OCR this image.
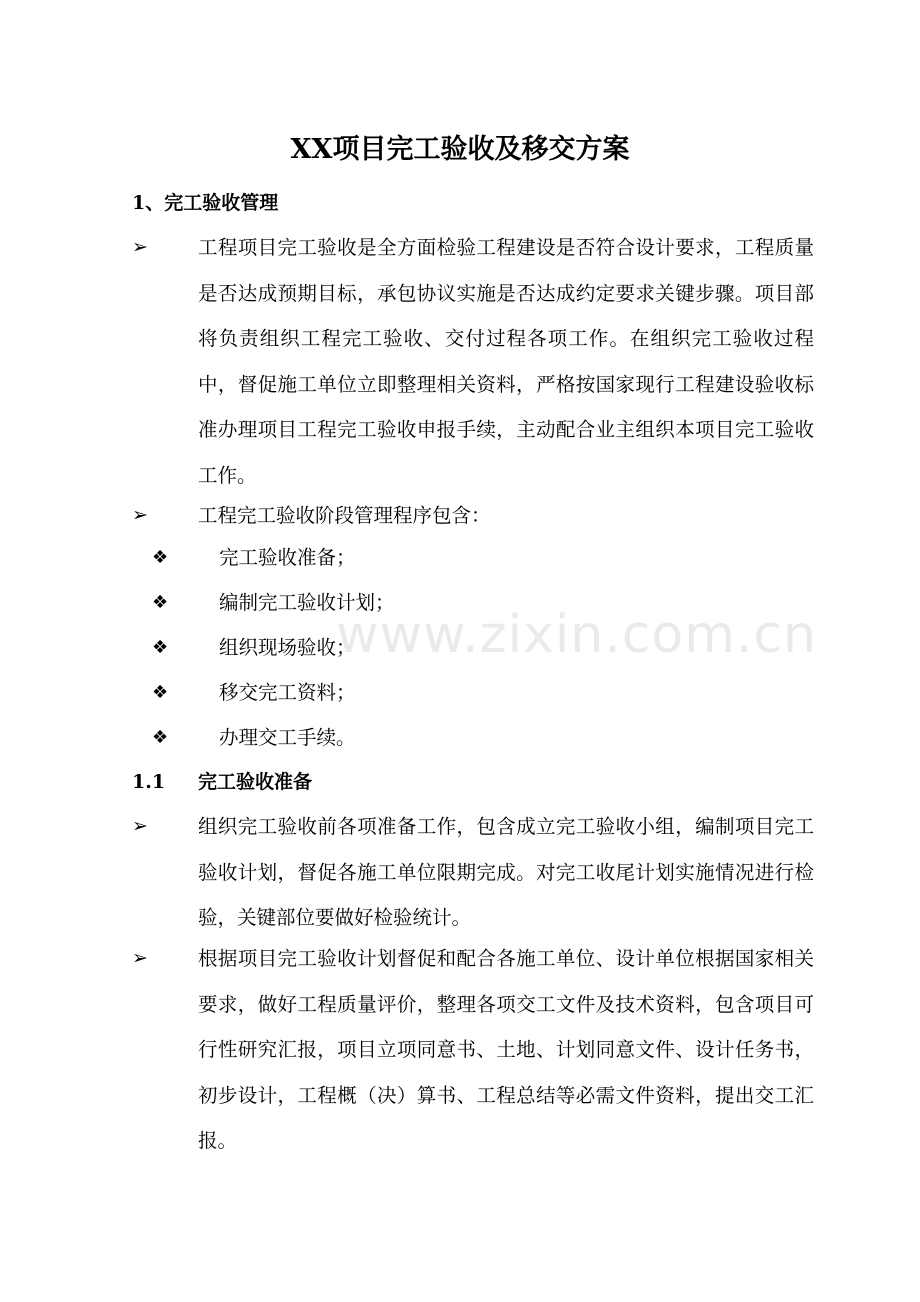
www.zixin.com.cn
XX项目完工验收及移交方案
1、完工验收管理
➢	工程项目完工验收是全方面检验工程建设是否符合设计要求，工程质量是否达成预期目标，承包协议实施是否达成约定要求关键步骤。项目部将负责组织工程完工验收、交付过程各项工作。在组织完工验收过程中，督促施工单位立即整理相关资料，严格按国家现行工程建设验收标准办理项目工程完工验收申报手续，主动配合业主组织本项目完工验收工作。
➢	工程完工验收阶段管理程序包含：
❖	完工验收准备；
❖	编制完工验收计划；
❖	组织现场验收；
❖	移交完工资料；
❖	办理交工手续。
1.1 完工验收准备
➢	组织完工验收前各项准备工作，包含成立完工验收小组，编制项目完工验收计划，督促各施工单位限期完成。对完工收尾计划实施情况进行检验，关键部位要做好检验统计。
➢	根据项目完工验收计划督促和配合各施工单位、设计单位根据国家相关要求，做好工程质量评价，整理各项交工文件及技术资料，包含项目可行性研究汇报，项目立项同意书、土地、计划同意文件、设计任务书，初步设计，工程概（决）算书、工程总结等必需文件资料，提出交工汇报。
